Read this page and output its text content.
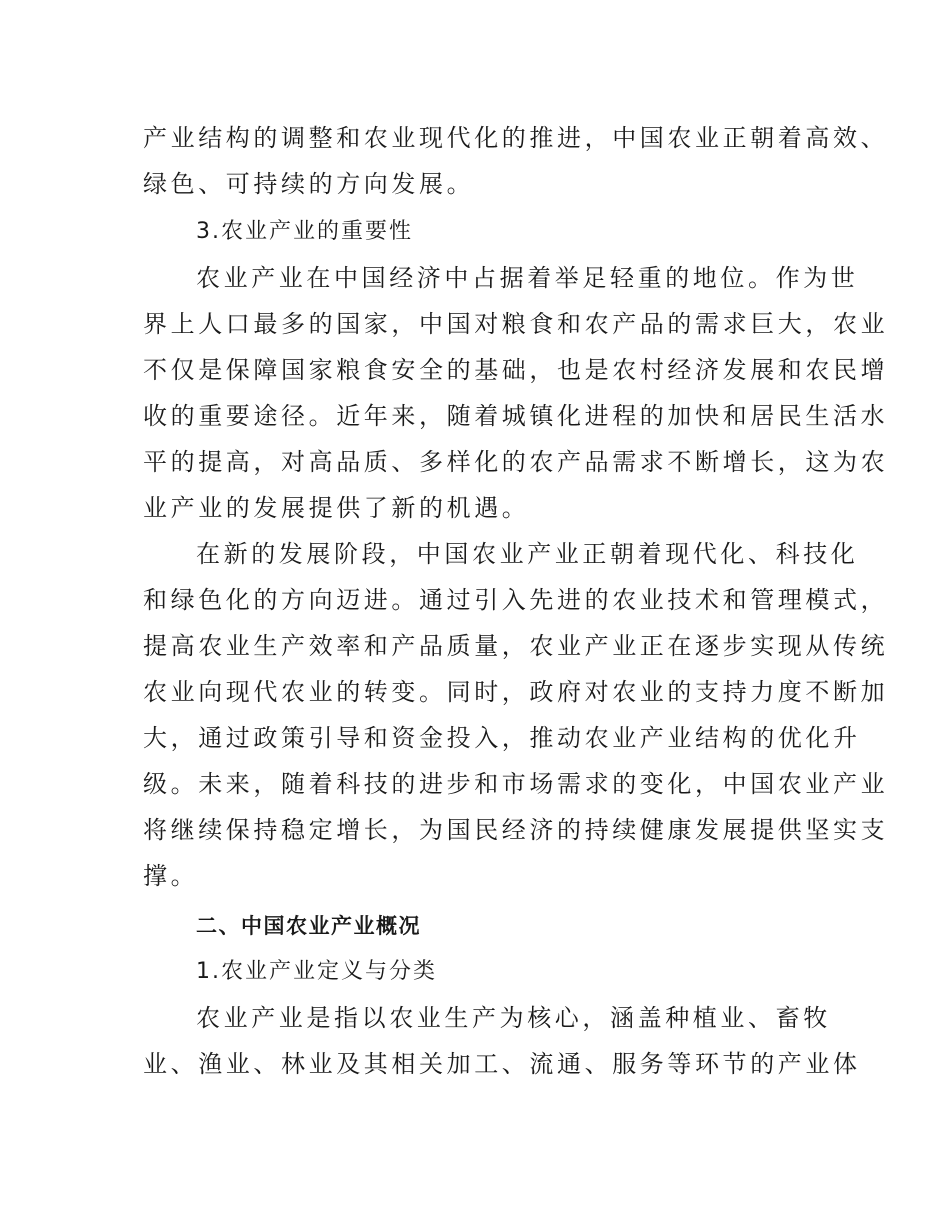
产业结构的调整和农业现代化的推进，中国农业正朝着高效、

绿色、可持续的方向发展。

3.农业产业的重要性

农业产业在中国经济中占据着举足轻重的地位。作为世

界上人口最多的国家，中国对粮食和农产品的需求巨大，农业

不仅是保障国家粮食安全的基础，也是农村经济发展和农民增

收的重要途径。近年来，随着城镇化进程的加快和居民生活水

平的提高，对高品质、多样化的农产品需求不断增长，这为农

业产业的发展提供了新的机遇。

在新的发展阶段，中国农业产业正朝着现代化、科技化

和绿色化的方向迈进。通过引入先进的农业技术和管理模式，

提高农业生产效率和产品质量，农业产业正在逐步实现从传统

农业向现代农业的转变。同时，政府对农业的支持力度不断加

大，通过政策引导和资金投入，推动农业产业结构的优化升

级。未来，随着科技的进步和市场需求的变化，中国农业产业

将继续保持稳定增长，为国民经济的持续健康发展提供坚实支

撑。

二、中国农业产业概况

1.农业产业定义与分类

农业产业是指以农业生产为核心，涵盖种植业、畜牧

业、渔业、林业及其相关加工、流通、服务等环节的产业体
